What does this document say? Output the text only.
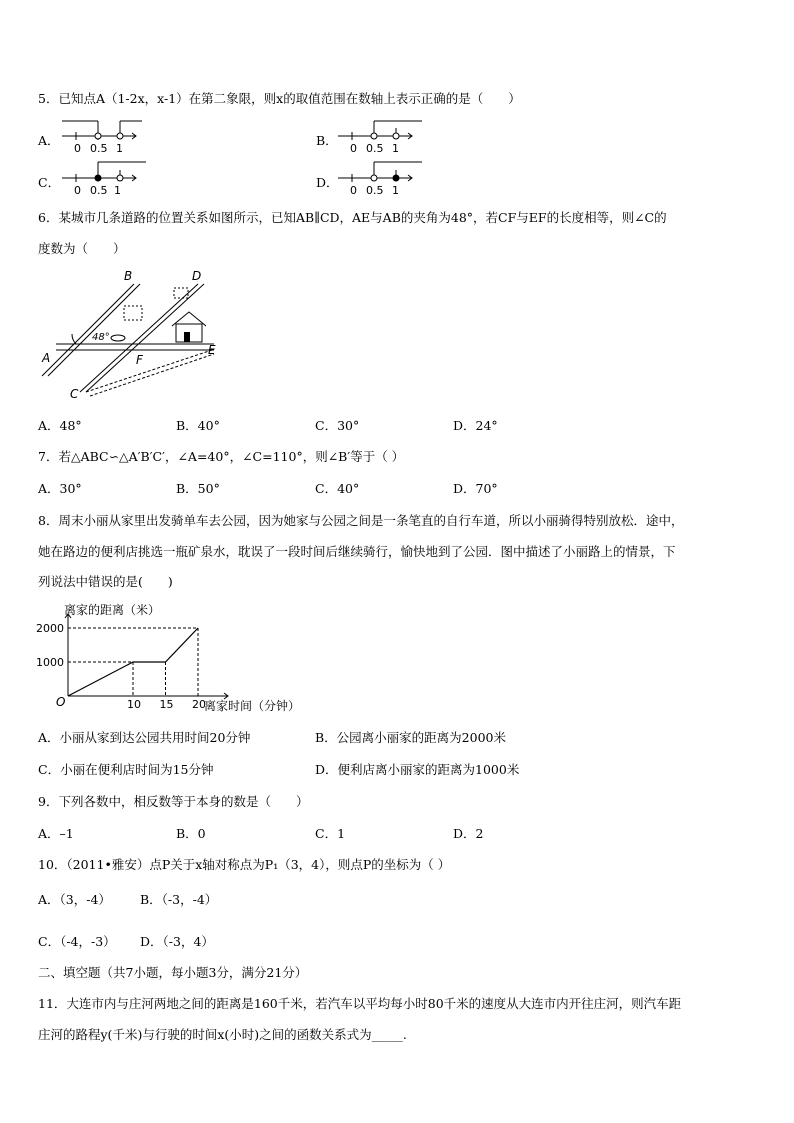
5．已知点A（1-2x，x-1）在第二象限，则x的取值范围在数轴上表示正确的是（　　）
A．
0 0.5 1
B．
0 0.5 1
C．
0 0.5 1
D．
0 0.5 1
6．某城市几条道路的位置关系如图所示，已知AB∥CD，AE与AB的夹角为48°，若CF与EF的长度相等，则∠C的
度数为（　　）
48°
B	D
A	F
E
C
A．48°	B．40°	C．30°	D．24°
7．若△ABC∽△A′B′C′，∠A=40°，∠C=110°，则∠B′等于（ ）
A．30°	B．50°	C．40°	D．70°
8．周末小丽从家里出发骑单车去公园，因为她家与公园之间是一条笔直的自行车道，所以小丽骑得特别放松．途中，
她在路边的便利店挑选一瓶矿泉水，耽误了一段时间后继续骑行，愉快地到了公园．图中描述了小丽路上的情景，下
列说法中错误的是(　　)
离家的距离（米）
离家时间（分钟）
O	10 15 20
1000
2000
A．小丽从家到达公园共用时间20分钟	B．公园离小丽家的距离为2000米
C．小丽在便利店时间为15分钟	D．便利店离小丽家的距离为1000米
9．下列各数中，相反数等于本身的数是（　　）
A．–1	B．0	C．1	D．2
10．（2011•雅安）点P关于x轴对称点为P₁（3，4），则点P的坐标为（ ）
A．（3，-4） B．（-3，-4）
C．（-4，-3） D．（-3，4）
二、填空题（共7小题，每小题3分，满分21分）
11．大连市内与庄河两地之间的距离是160千米，若汽车以平均每小时80千米的速度从大连市内开往庄河，则汽车距
庄河的路程y(千米)与行驶的时间x(小时)之间的函数关系式为_____.
